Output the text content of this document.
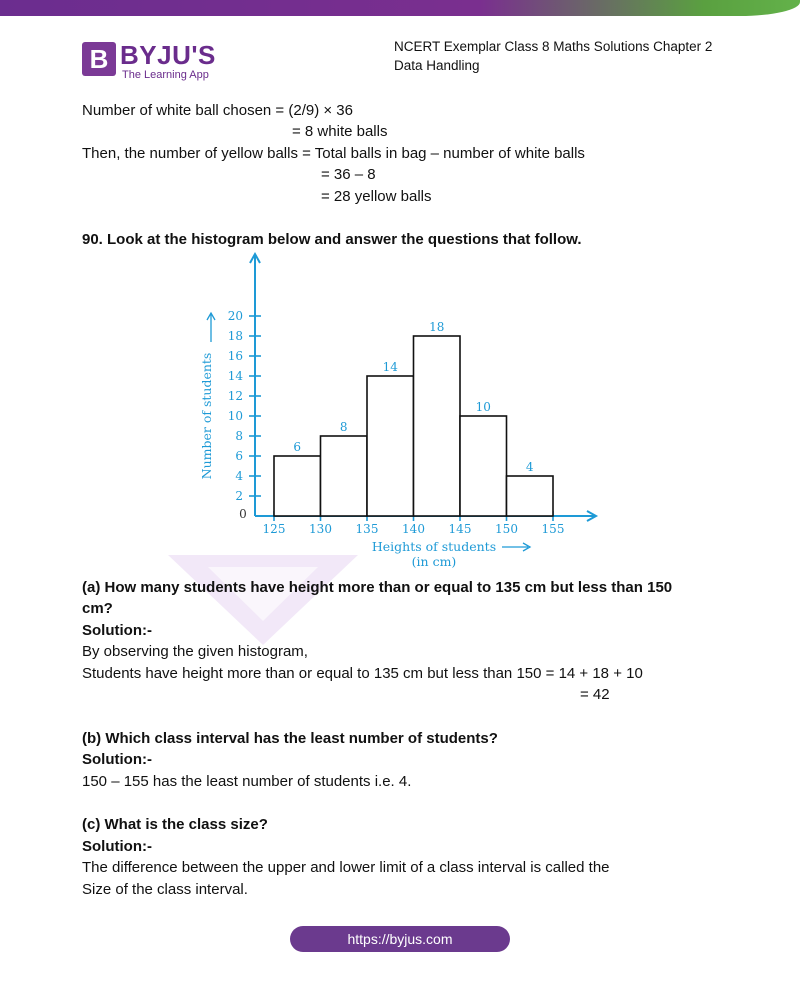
B BYJU'S
The Learning App
NCERT Exemplar Class 8 Maths Solutions Chapter 2 Data Handling
Number of white ball chosen = (2/9) × 36
= 8 white balls
Then, the number of yellow balls = Total balls in bag – number of white balls
= 36 – 8
= 28 yellow balls
90. Look at the histogram below and answer the questions that follow.
0
2
4
6
8
10
12
14
16
18
20
125 130 135 140 145 150 155
6
8
14
18
10
4
Heights of students
(in cm)
Number of students
(a) How many students have height more than or equal to 135 cm but less than 150
cm?
Solution:-
By observing the given histogram,
Students have height more than or equal to 135 cm but less than 150 = 14 + 18 + 10
= 42
(b) Which class interval has the least number of students?
Solution:-
150 – 155 has the least number of students i.e. 4.
(c) What is the class size?
Solution:-
The difference between the upper and lower limit of a class interval is called the
Size of the class interval.
https://byjus.com
